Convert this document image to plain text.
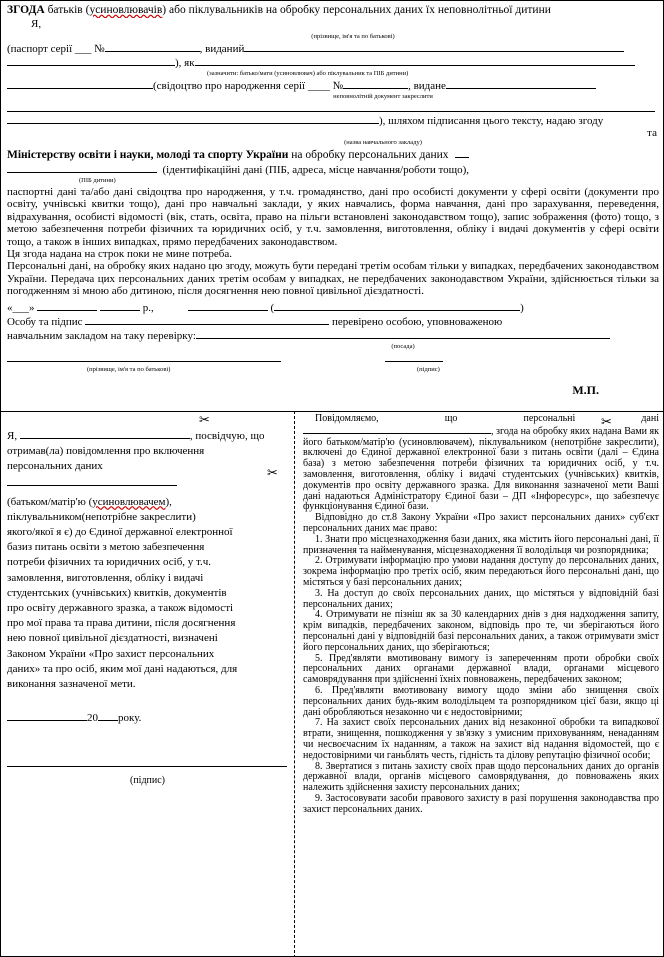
ЗГОДА батьків (усиновлювачів) або піклувальників на обробку персональних даних їх неповнолітньої дитини
Я,
(прізвище, ім'я та по батькові)
(паспорт серії ___ №	, виданий
), як
(зазначити: батько/мати (усиновлювач) або піклувальник та ПІБ дитини)
(свідоцтво про народження серії ____ №	, видане
неповнолітній документ закреслити
), шляхом підписання цього тексту, надаю згоду
та
(назва навчального закладу)
Міністерству освіти і науки, молоді та спорту України на обробку персональних даних
(ідентифікаційні дані (ПІБ, адреса, місце навчання/роботи тощо),
(ПІБ дитини)
паспортні дані та/або дані свідоцтва про народження, у т.ч. громадянство, дані про особисті документи у сфері освіти (документи про освіту, учнівські квитки тощо), дані про навчальні заклади, у яких навчались, форма навчання, дані про зарахування, переведення, відрахування, особисті відомості (вік, стать, освіта, право на пільги встановлені законодавством тощо), запис зображення (фото) тощо, з метою забезпечення потреби фізичних та юридичних осіб, у т.ч. замовлення, виготовлення, обліку і видачі документів у сфері освіти тощо, а також в інших випадках, прямо передбачених законодавством.
Ця згода надана на строк поки не мине потреба.
Персональні дані, на обробку яких надано цю згоду, можуть бути передані третім особам тільки у випадках, передбачених законодавством України. Передача цих персональних даних третім особам у випадках, не передбачених законодавством України, здійснюється тільки за погодженням зі мною або дитиною, після досягнення нею повної цивільної дієздатності.
«___»	р.,	(	)
Особу та підпис	перевірено особою, уповноваженою
навчальним закладом на таку перевірку:
(посада)
(прізвище, ім'я та по батькові)	(підпис)
М.П.
✂
Я,	, посвідчую, що
отримав(ла) повідомлення про включення
персональних даних	✂
(батьком/матір'ю (усиновлювачем),
піклувальником(непотрібне закреслити)
якого/якої я є) до Єдиної державної електронної
базиз питань освіти з метою забезпечення
потреби фізичних та юридичних осіб, у т.ч.
замовлення, виготовлення, обліку і видачі
студентських (учнівських) квитків, документів
про освіту державного зразка, а також відомості
про мої права та права дитини, після досягнення
нею повної цивільної дієздатності, визначені
Законом України «Про захист персональних
даних» та про осіб, яким мої дані надаються, для
виконання зазначеної мети.
20 року.
(підпис)
✂

Повідомляємо,	що	персональні	дані

, згода на обробку яких надана Вами як його батьком/матір'ю (усиновлювачем), піклувальником (непотрібне закреслити), включені до Єдиної державної електронної бази з питань освіти (далі – Єдина база) з метою забезпечення потреби фізичних та юридичних осіб, у т.ч. замовлення, виготовлення, обліку і видачі студентських (учнівських) квитків, документів про освіту державного зразка. Для виконання зазначеної мети Ваші дані надаються Адміністратору Єдиної бази – ДП «Інфоресурс», що забезпечує функціонування Єдиної бази.

Відповідно до ст.8 Закону України «Про захист персональних даних» суб'єкт персональних даних має право:

1. Знати про місцезнаходження бази даних, яка містить його персональні дані, її призначення та найменування, місцезнаходження її володільця чи розпорядника;

2. Отримувати інформацію про умови надання доступу до персональних даних, зокрема інформацію про третіх осіб, яким передаються його персональні дані, що містяться у базі персональних даних;

3. На доступ до своїх персональних даних, що містяться у відповідній базі персональних даних;

4. Отримувати не пізніш як за 30 календарних днів з дня надходження запиту, крім випадків, передбачених законом, відповідь про те, чи зберігаються його персональні дані у відповідній базі персональних даних, а також отримувати зміст його персональних даних, що зберігаються;

5. Пред'являти вмотивовану вимогу із запереченням проти обробки своїх персональних даних органами державної влади, органами місцевого самоврядування при здійсненні їхніх повноважень, передбачених законом;

6. Пред'являти вмотивовану вимогу щодо зміни або знищення своїх персональних даних будь-яким володільцем та розпорядником цієї бази, якщо ці дані обробляються незаконно чи є недостовірними;

7. На захист своїх персональних даних від незаконної обробки та випадкової втрати, знищення, пошкодження у зв'язку з умисним приховуванням, ненаданням чи несвоєчасним їх наданням, а також на захист від надання відомостей, що є недостовірними чи ганьблять честь, гідність та ділову репутацію фізичної особи;

8. Звертатися з питань захисту своїх прав щодо персональних даних до органів державної влади, органів місцевого самоврядування, до повноважень яких належить здійснення захисту персональних даних;

9. Застосовувати засоби правового захисту в разі порушення законодавства про захист персональних даних.
